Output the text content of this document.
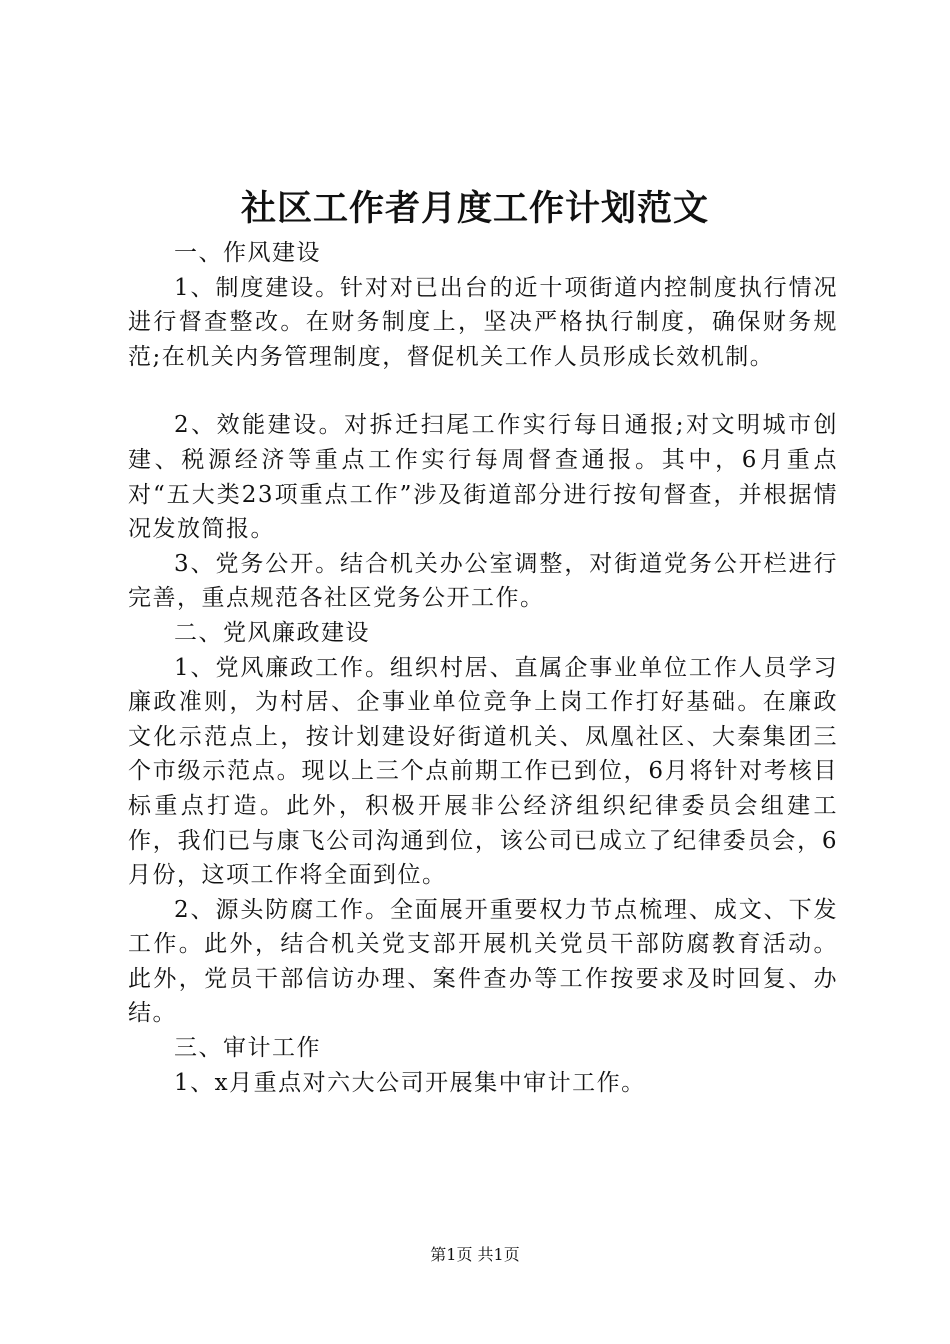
社区工作者月度工作计划范文

一、作风建设

1、制度建设。针对对已出台的近十项街道内控制度执行情况进行督查整改。在财务制度上，坚决严格执行制度，确保财务规范;在机关内务管理制度，督促机关工作人员形成长效机制。

2、效能建设。对拆迁扫尾工作实行每日通报;对文明城市创建、税源经济等重点工作实行每周督查通报。其中，6月重点对“五大类23项重点工作”涉及街道部分进行按旬督查，并根据情况发放简报。

3、党务公开。结合机关办公室调整，对街道党务公开栏进行完善，重点规范各社区党务公开工作。

二、党风廉政建设

1、党风廉政工作。组织村居、直属企事业单位工作人员学习廉政准则，为村居、企事业单位竞争上岗工作打好基础。在廉政文化示范点上，按计划建设好街道机关、凤凰社区、大秦集团三个市级示范点。现以上三个点前期工作已到位，6月将针对考核目标重点打造。此外，积极开展非公经济组织纪律委员会组建工作，我们已与康飞公司沟通到位，该公司已成立了纪律委员会，6月份，这项工作将全面到位。

2、源头防腐工作。全面展开重要权力节点梳理、成文、下发工作。此外，结合机关党支部开展机关党员干部防腐教育活动。此外，党员干部信访办理、案件查办等工作按要求及时回复、办结。

三、审计工作

1、x月重点对六大公司开展集中审计工作。

第1页 共1页
